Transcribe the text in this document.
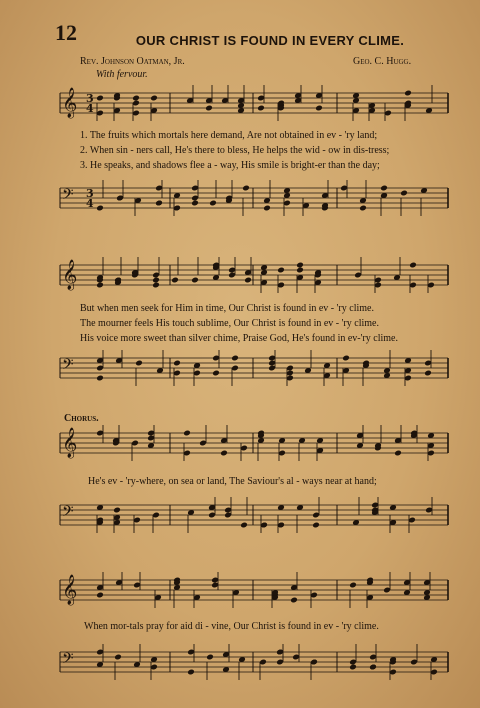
12	OUR CHRIST IS FOUND IN EVERY CLIME.
Rev. Johnson Oatman, Jr.	Geo. C. Hugg.
With fervour.
𝄞
𝄢
𝄞
𝄢
𝄞
𝄢
𝄞
𝄢
3
4
3
4
1. The fruits which mortals here demand, Are not obtained in ev - 'ry land;
2. When sin - ners call, He's there to bless, He helps the wid - ow in dis-tress;
3. He speaks, and shadows flee a - way, His smile is bright-er than the day;
But when men seek for Him in time, Our Christ is found in ev - 'ry clime.
The mourner feels His touch sublime, Our Christ is found in ev - 'ry clime.
His voice more sweet than silver chime, Praise God, He's found in ev-'ry clime.
Chorus.
He's ev - 'ry-where, on sea or land, The Saviour's al - ways near at hand;
When mor-tals pray for aid di - vine, Our Christ is found in ev - 'ry clime.
